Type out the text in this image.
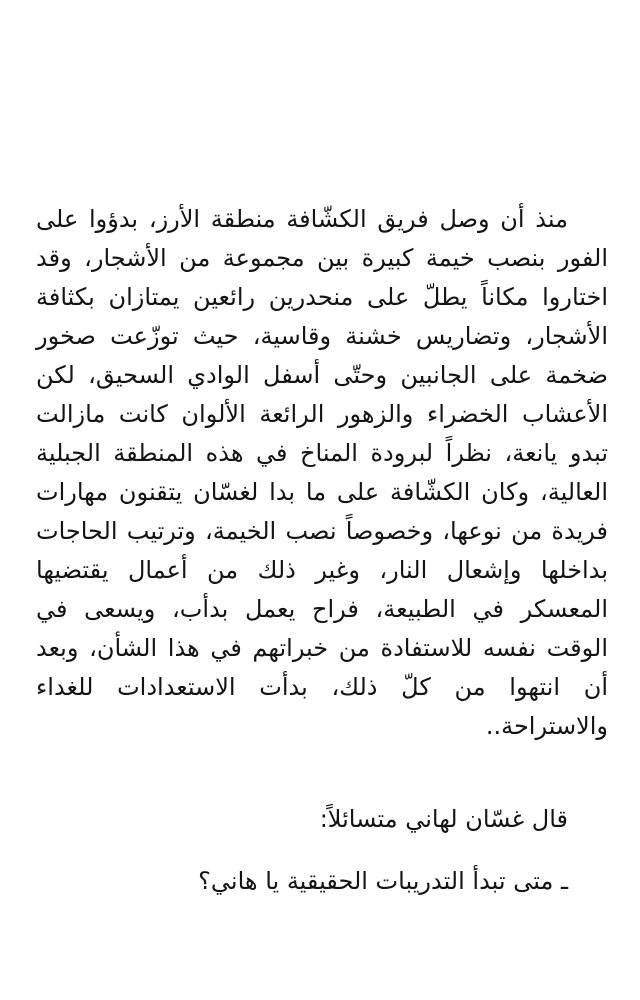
منذ أن وصل فريق الكشّافة منطقة الأرز، بدؤوا على الفور بنصب خيمة كبيرة بين مجموعة من الأشجار، وقد اختاروا مكاناً يطلّ على منحدرين رائعين يمتازان بكثافة الأشجار، وتضاريس خشنة وقاسية، حيث توزّعت صخور ضخمة على الجانبين وحتّى أسفل الوادي السحيق، لكن الأعشاب الخضراء والزهور الرائعة الألوان كانت مازالت تبدو يانعة، نظراً لبرودة المناخ في هذه المنطقة الجبلية العالية، وكان الكشّافة على ما بدا لغسّان يتقنون مهارات فريدة من نوعها، وخصوصاً نصب الخيمة، وترتيب الحاجات بداخلها وإشعال النار، وغير ذلك من أعمال يقتضيها المعسكر في الطبيعة، فراح يعمل بدأب، ويسعى في الوقت نفسه للاستفادة من خبراتهم في هذا الشأن، وبعد أن انتهوا من كلّ ذلك، بدأت الاستعدادات للغداء والاستراحة..

قال غسّان لهاني متسائلاً:

ـ متى تبدأ التدريبات الحقيقية يا هاني؟
